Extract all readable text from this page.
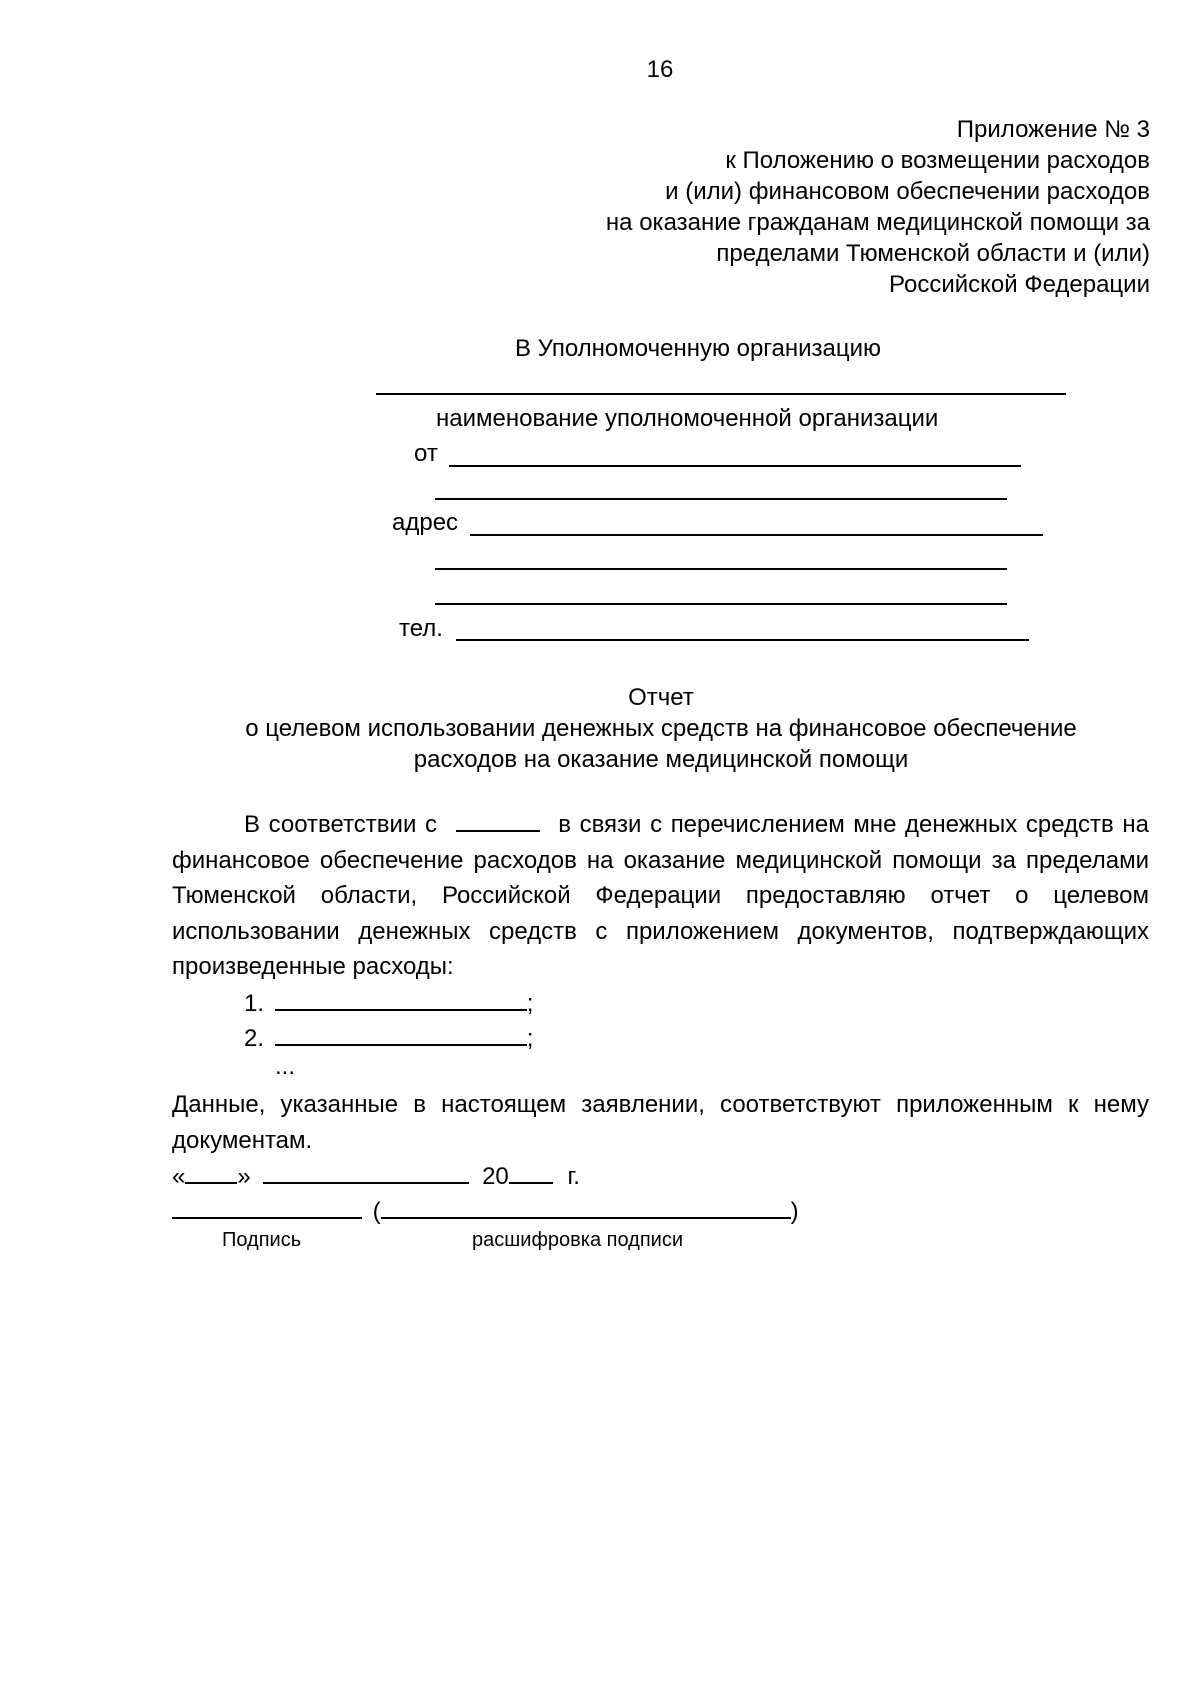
16
Приложение № 3
к Положению о возмещении расходов
и (или) финансовом обеспечении расходов
на оказание гражданам медицинской помощи за
пределами Тюменской области и (или)
Российской Федерации
В Уполномоченную организацию
наименование уполномоченной организации
от
адрес
тел.
Отчет
о целевом использовании денежных средств на финансовое обеспечение
расходов на оказание медицинской помощи
В соответствии с	в связи с перечислением мне денежных средств на финансовое обеспечение расходов на оказание медицинской помощи за пределами Тюменской области, Российской Федерации предоставляю отчет о целевом использовании денежных средств с приложением документов, подтверждающих произведенные расходы:
1.	;
2.	;
...
Данные, указанные в настоящем заявлении, соответствуют приложенным к нему документам.
« »	20 г.
(	)
Подпись	расшифровка подписи
